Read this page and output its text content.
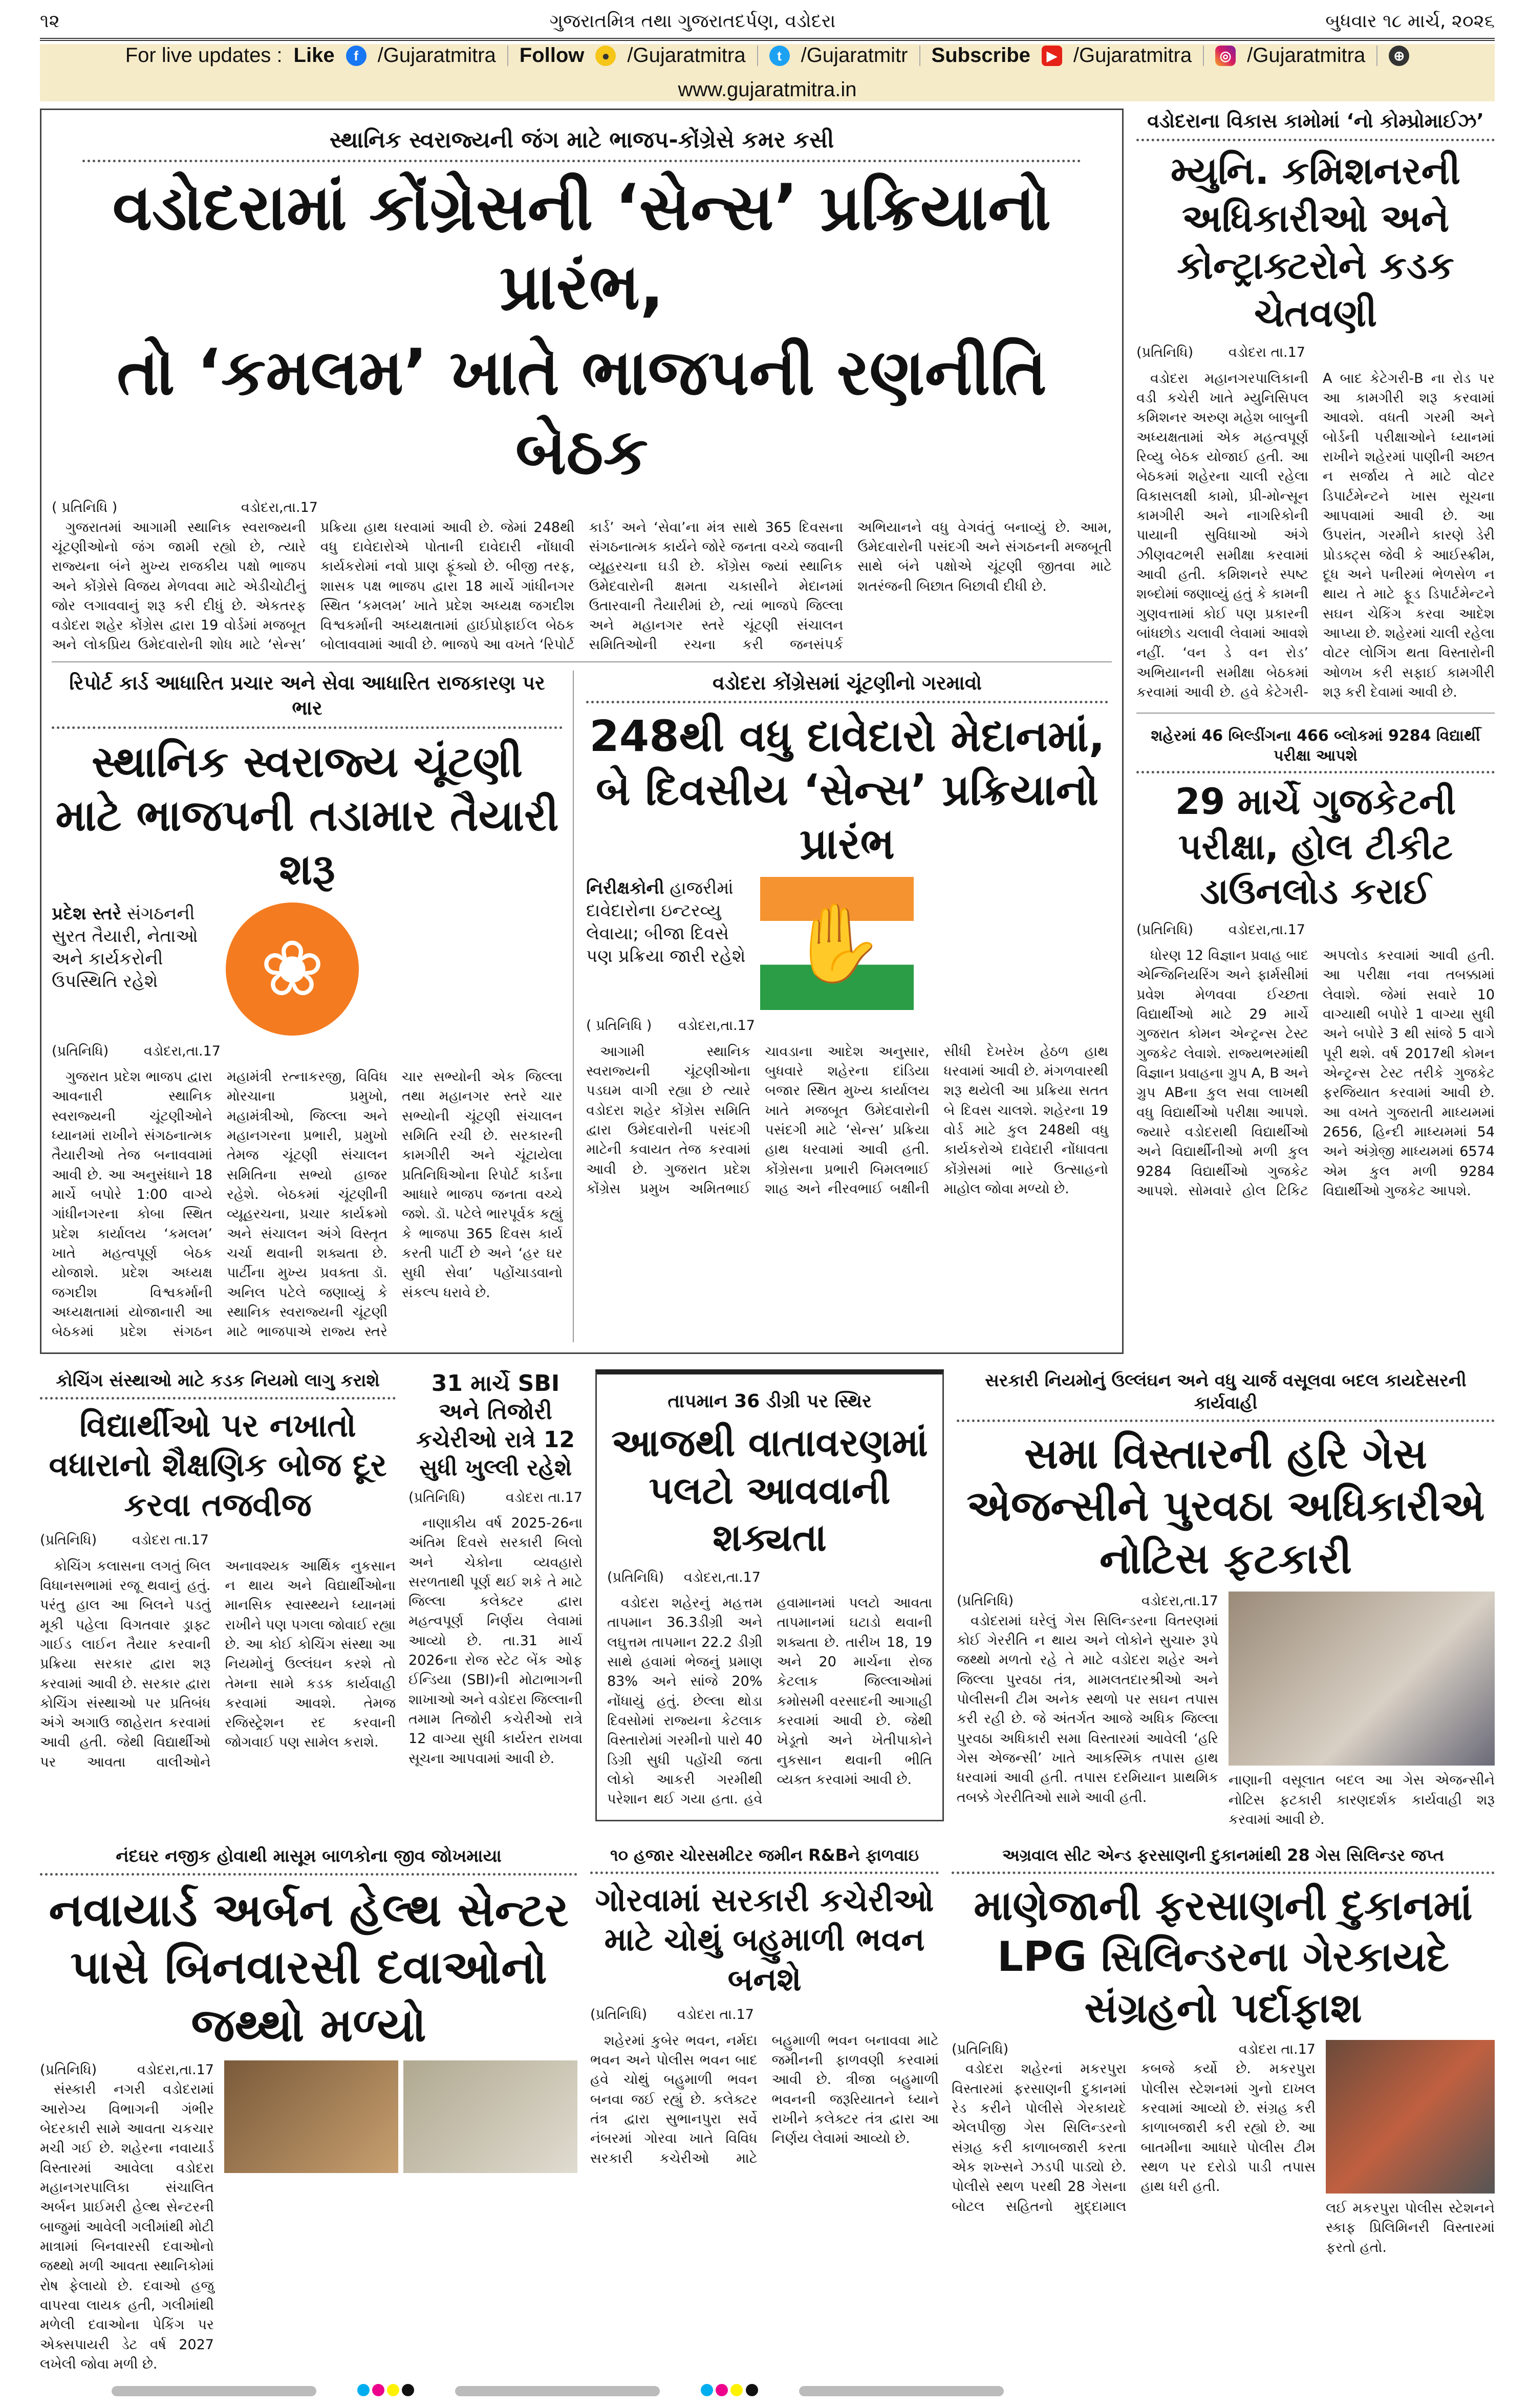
૧૨	ગુજરાતમિત્ર તથા ગુજરાતદર્પણ, વડોદરા	બુધવાર ૧૮ માર્ચ, ૨૦૨૬
For live updates : Like	f /Gujaratmitra Follow	● /Gujaratmitra	t /Gujaratmitr Subscribe	▶ /Gujaratmitra	◎ /Gujaratmitra	⊕
www.gujaratmitra.in
સ્થાનિક સ્વરાજ્યની જંગ માટે ભાજપ-કોંગ્રેસે કમર કસી
વડોદરામાં કોંગ્રેસની ‘સેન્સ’ પ્રક્રિયાનો પ્રારંભ,
તો ‘કમલમ’ ખાતે ભાજપની રણનીતિ બેઠક
( પ્રતિનિધિ )	વડોદરા,તા.17

ગુજરાતમાં આગામી સ્થાનિક સ્વરાજ્યની ચૂંટણીઓનો જંગ જામી રહ્યો છે, ત્યારે રાજ્યના બંને મુખ્ય રાજકીય પક્ષો ભાજપ અને કોંગ્રેસે વિજય મેળવવા માટે એડીચોટીનું જોર લગાવવાનું શરૂ કરી દીધું છે. એકતરફ વડોદરા શહેર કોંગ્રેસ દ્વારા 19 વોર્ડમાં મજબૂત અને લોકપ્રિય ઉમેદવારોની શોધ માટે ‘સેન્સ’ પ્રક્રિયા હાથ ધરવામાં આવી છે. જેમાં 248થી વધુ દાવેદારોએ પોતાની દાવેદારી નોંધાવી કાર્યકરોમાં નવો પ્રાણ ફૂંક્યો છે. બીજી તરફ, શાસક પક્ષ ભાજપ દ્વારા 18 માર્ચે ગાંધીનગર સ્થિત ‘કમલમ’ ખાતે પ્રદેશ અધ્યક્ષ જગદીશ વિશ્વકર્માની અધ્યક્ષતામાં હાઈપ્રોફાઈલ બેઠક બોલાવવામાં આવી છે. ભાજપે આ વખતે ‘રિપોર્ટ કાર્ડ’ અને ‘સેવા’ના મંત્ર સાથે 365 દિવસના સંગઠનાત્મક કાર્યને જોરે જનતા વચ્ચે જવાની વ્યૂહરચના ઘડી છે. કોંગ્રેસ જ્યાં સ્થાનિક ઉમેદવારોની ક્ષમતા ચકાસીને મેદાનમાં ઉતારવાની તૈયારીમાં છે, ત્યાં ભાજપે જિલ્લા અને મહાનગર સ્તરે ચૂંટણી સંચાલન સમિતિઓની રચના કરી જનસંપર્ક અભિયાનને વધુ વેગવંતું બનાવ્યું છે. આમ, ઉમેદવારોની પસંદગી અને સંગઠનની મજબૂતી સાથે બંને પક્ષોએ ચૂંટણી જીતવા માટે શતરંજની બિછાત બિછાવી દીધી છે.

રિપોર્ટ કાર્ડ આધારિત પ્રચાર અને સેવા આધારિત રાજકારણ પર ભાર
સ્થાનિક સ્વરાજ્ય ચૂંટણી માટે ભાજપની તડામાર તૈયારી શરૂ
પ્રદેશ સ્તરે સંગઠનની સુરત તૈયારી, નેતાઓ અને કાર્યકરોની ઉપસ્થિતિ રહેશે	❀
(પ્રતિનિધિ)	વડોદરા,તા.17

ગુજરાત પ્રદેશ ભાજપ દ્વારા આવનારી સ્થાનિક સ્વરાજ્યની ચૂંટણીઓને ધ્યાનમાં રાખીને સંગઠનાત્મક તૈયારીઓ તેજ બનાવવામાં આવી છે. આ અનુસંધાને 18 માર્ચે બપોરે 1:00 વાગ્યે ગાંધીનગરના કોબા સ્થિત પ્રદેશ કાર્યાલય ‘કમલમ’ ખાતે મહત્વપૂર્ણ બેઠક યોજાશે. પ્રદેશ અધ્યક્ષ જગદીશ વિશ્વકર્માની અધ્યક્ષતામાં યોજાનારી આ બેઠકમાં પ્રદેશ સંગઠન મહામંત્રી રત્નાકરજી, વિવિધ મોરચાના પ્રમુખો, મહામંત્રીઓ, જિલ્લા અને મહાનગરના પ્રભારી, પ્રમુખો તેમજ ચૂંટણી સંચાલન સમિતિના સભ્યો હાજર રહેશે. બેઠકમાં ચૂંટણીની વ્યૂહરચના, પ્રચાર કાર્યક્રમો અને સંચાલન અંગે વિસ્તૃત ચર્ચા થવાની શક્યતા છે. પાર્ટીના મુખ્ય પ્રવક્તા ડૉ. અનિલ પટેલે જણાવ્યું કે સ્થાનિક સ્વરાજ્યની ચૂંટણી માટે ભાજપાએ રાજ્ય સ્તરે ચાર સભ્યોની એક જિલ્લા તથા મહાનગર સ્તરે ચાર સભ્યોની ચૂંટણી સંચાલન સમિતિ રચી છે. સરકારની કામગીરી અને ચૂંટાયેલા પ્રતિનિધિઓના રિપોર્ટ કાર્ડના આધારે ભાજપ જનતા વચ્ચે જશે. ડૉ. પટેલે ભારપૂર્વક કહ્યું કે ભાજપા 365 દિવસ કાર્ય કરતી પાર્ટી છે અને ‘હર ઘર સુધી સેવા’ પહોંચાડવાનો સંકલ્પ ધરાવે છે.

વડોદરા કોંગ્રેસમાં ચૂંટણીનો ગરમાવો
248થી વધુ દાવેદારો મેદાનમાં, બે દિવસીય ‘સેન્સ’ પ્રક્રિયાનો પ્રારંભ
નિરીક્ષકોની હાજરીમાં દાવેદારોના ઇન્ટરવ્યુ લેવાયા; બીજા દિવસે પણ પ્રક્રિયા જારી રહેશે ✋
( પ્રતિનિધિ ) વડોદરા,તા.17

આગામી સ્થાનિક સ્વરાજ્યની ચૂંટણીઓના પડઘમ વાગી રહ્યા છે ત્યારે વડોદરા શહેર કોંગ્રેસ સમિતિ દ્વારા ઉમેદવારોની પસંદગી માટેની કવાયત તેજ કરવામાં આવી છે. ગુજરાત પ્રદેશ કોંગ્રેસ પ્રમુખ અમિતભાઈ ચાવડાના આદેશ અનુસાર, બુધવારે શહેરના દાંડિયા બજાર સ્થિત મુખ્ય કાર્યાલય ખાતે મજબૂત ઉમેદવારોની પસંદગી માટે ‘સેન્સ’ પ્રક્રિયા હાથ ધરવામાં આવી હતી. કોંગ્રેસના પ્રભારી બિમલભાઈ શાહ અને નીરવભાઈ બક્ષીની સીધી દેખરેખ હેઠળ હાથ ધરવામાં આવી છે. મંગળવારથી શરૂ થયેલી આ પ્રક્રિયા સતત બે દિવસ ચાલશે. શહેરના 19 વોર્ડ માટે કુલ 248થી વધુ કાર્યકરોએ દાવેદારી નોંધાવતા કોંગ્રેસમાં ભારે ઉત્સાહનો માહોલ જોવા મળ્યો છે.

વડોદરાના વિકાસ કામોમાં ‘નો કોમ્પ્રોમાઈઝ’
મ્યુનિ. કમિશનરની અધિકારીઓ અને કોન્ટ્રાક્ટરોને કડક ચેતવણી
(પ્રતિનિધિ)	વડોદરા તા.17

વડોદરા મહાનગરપાલિકાની વડી કચેરી ખાતે મ્યુનિસિપલ કમિશનર અરુણ મહેશ બાબુની અધ્યક્ષતામાં એક મહત્વપૂર્ણ રિવ્યુ બેઠક યોજાઈ હતી. આ બેઠકમાં શહેરના ચાલી રહેલા વિકાસલક્ષી કામો, પ્રી-મોન્સૂન કામગીરી અને નાગરિકોની પાયાની સુવિધાઓ અંગે ઝીણવટભરી સમીક્ષા કરવામાં આવી હતી. કમિશનરે સ્પષ્ટ શબ્દોમાં જણાવ્યું હતું કે કામની ગુણવત્તામાં કોઈ પણ પ્રકારની બાંધછોડ ચલાવી લેવામાં આવશે નહીં. ‘વન ડે વન રોડ’ અભિયાનની સમીક્ષા બેઠકમાં કરવામાં આવી છે. હવે કેટેગરી-A બાદ કેટેગરી-B ના રોડ પર આ કામગીરી શરૂ કરવામાં આવશે. વધતી ગરમી અને બોર્ડની પરીક્ષાઓને ધ્યાનમાં રાખીને શહેરમાં પાણીની અછત ન સર્જાય તે માટે વોટર ડિપાર્ટમેન્ટને ખાસ સૂચના આપવામાં આવી છે. આ ઉપરાંત, ગરમીને કારણે ડેરી પ્રોડક્ટ્સ જેવી કે આઈસ્ક્રીમ, દૂધ અને પનીરમાં ભેળસેળ ન થાય તે માટે ફૂડ ડિપાર્ટમેન્ટને સઘન ચેકિંગ કરવા આદેશ આપ્યા છે. શહેરમાં ચાલી રહેલા વોટર લોગિંગ થતા વિસ્તારોની ઓળખ કરી સફાઈ કામગીરી શરૂ કરી દેવામાં આવી છે.

શહેરમાં 46 બિલ્ડીંગના 466 બ્લોકમાં 9284 વિદ્યાર્થી પરીક્ષા આપશે
29 માર્ચે ગુજકેટની પરીક્ષા, હોલ ટીકીટ ડાઉનલોડ કરાઈ
(પ્રતિનિધિ)	વડોદરા,તા.17

ધોરણ 12 વિજ્ઞાન પ્રવાહ બાદ એન્જિનિયરિંગ અને ફાર્મસીમાં પ્રવેશ મેળવવા ઈચ્છતા વિદ્યાર્થીઓ માટે 29 માર્ચે ગુજરાત કોમન એન્ટ્રન્સ ટેસ્ટ ગુજકેટ લેવાશે. રાજ્યભરમાંથી વિજ્ઞાન પ્રવાહના ગ્રુપ A, B અને ગ્રુપ ABના કુલ સવા લાખથી વધુ વિદ્યાર્થીઓ પરીક્ષા આપશે. જ્યારે વડોદરાથી વિદ્યાર્થીઓ અને વિદ્યાર્થીનીઓ મળી કુલ 9284 વિદ્યાર્થીઓ ગુજકેટ આપશે. સોમવારે હોલ ટિકિટ અપલોડ કરવામાં આવી હતી. આ પરીક્ષા નવા તબક્કામાં લેવાશે. જેમાં સવારે 10 વાગ્યાથી બપોરે 1 વાગ્યા સુધી અને બપોરે 3 થી સાંજે 5 વાગે પૂરી થશે. વર્ષ 2017થી કોમન એન્ટ્રન્સ ટેસ્ટ તરીકે ગુજકેટ ફરજિયાત કરવામાં આવી છે. આ વખતે ગુજરાતી માધ્યમમાં 2656, હિન્દી માધ્યમમાં 54 અને અંગ્રેજી માધ્યમમાં 6574 એમ કુલ મળી 9284 વિદ્યાર્થીઓ ગુજકેટ આપશે.

કોચિંગ સંસ્થાઓ માટે કડક નિયમો લાગુ કરાશે
વિદ્યાર્થીઓ પર નખાતો વધારાનો શૈક્ષણિક બોજ દૂર કરવા તજવીજ
(પ્રતિનિધિ)	વડોદરા તા.17

કોચિંગ કલાસના લગતું બિલ વિધાનસભામાં રજૂ થવાનું હતું. પરંતુ હાલ આ બિલને પડતું મૂકી પહેલા વિગતવાર ડ્રાફ્ટ ગાઈડ લાઈન તૈયાર કરવાની પ્રક્રિયા સરકાર દ્વારા શરૂ કરવામાં આવી છે. સરકાર દ્વારા કોચિંગ સંસ્થાઓ પર પ્રતિબંધ અંગે અગાઉ જાહેરાત કરવામાં આવી હતી. જેથી વિદ્યાર્થીઓ પર આવતા વાલીઓને અનાવશ્યક આર્થિક નુકસાન ન થાય અને વિદ્યાર્થીઓના માનસિક સ્વાસ્થ્યને ધ્યાનમાં રાખીને પણ પગલા જોવાઈ રહ્યા છે. આ કોઈ કોચિંગ સંસ્થા આ નિયમોનું ઉલ્લંઘન કરશે તો તેમના સામે કડક કાર્યવાહી કરવામાં આવશે. તેમજ રજિસ્ટ્રેશન રદ કરવાની જોગવાઈ પણ સામેલ કરાશે.

31 માર્ચે SBI અને તિજોરી કચેરીઓ રાત્રે 12 સુધી ખુલ્લી રહેશે
(પ્રતિનિધિ)	વડોદરા તા.17

નાણાકીય વર્ષ 2025-26ના અંતિમ દિવસે સરકારી બિલો અને ચેકોના વ્યવહારો સરળતાથી પૂર્ણ થઈ શકે તે માટે જિલ્લા કલેક્ટર દ્વારા મહત્વપૂર્ણ નિર્ણય લેવામાં આવ્યો છે. તા.31 માર્ચ 2026ના રોજ સ્ટેટ બેંક ઓફ ઈન્ડિયા (SBI)ની મોટાભાગની શાખાઓ અને વડોદરા જિલ્લાની તમામ તિજોરી કચેરીઓ રાત્રે 12 વાગ્યા સુધી કાર્યરત રાખવા સૂચના આપવામાં આવી છે.

તાપમાન 36 ડીગ્રી પર સ્થિર
આજથી વાતાવરણમાં પલટો આવવાની શક્યતા
(પ્રતિનિધિ) વડોદરા,તા.17

વડોદરા શહેરનું મહત્તમ તાપમાન 36.3ડીગ્રી અને લઘુત્તમ તાપમાન 22.2 ડીગ્રી સાથે હવામાં ભેજનું પ્રમાણ 83% અને સાંજે 20% નોંધાયું હતું. છેલ્લા થોડા દિવસોમાં રાજ્યના કેટલાક વિસ્તારોમાં ગરમીનો પારો 40 ડિગ્રી સુધી પહોંચી જતા લોકો આકરી ગરમીથી પરેશાન થઈ ગયા હતા. હવે હવામાનમાં પલટો આવતા તાપમાનમાં ઘટાડો થવાની શક્યતા છે. તારીખ 18, 19 અને 20 માર્ચના રોજ કેટલાક જિલ્લાઓમાં કમોસમી વરસાદની આગાહી કરવામાં આવી છે. જેથી ખેડૂતો અને ખેતીપાકોને નુકસાન થવાની ભીતિ વ્યક્ત કરવામાં આવી છે.

સરકારી નિયમોનું ઉલ્લંઘન અને વધુ ચાર્જ વસૂલવા બદલ કાયદેસરની કાર્યવાહી
સમા વિસ્તારની હરિ ગેસ એજન્સીને પુરવઠા અધિકારીએ નોટિસ ફટકારી
(પ્રતિનિધિ)	વડોદરા,તા.17

વડોદરામાં ઘરેલું ગેસ સિલિન્ડરના વિતરણમાં કોઈ ગેરરીતિ ન થાય અને લોકોને સુચારુ રૂપે જથ્થો મળતો રહે તે માટે વડોદરા શહેર અને જિલ્લા પુરવઠા તંત્ર, મામલતદારશ્રીઓ અને પોલીસની ટીમ અનેક સ્થળો પર સઘન તપાસ કરી રહી છે. જે અંતર્ગત આજે અધિક જિલ્લા પુરવઠા અધિકારી સમા વિસ્તારમાં આવેલી ‘હરિ ગેસ એજન્સી’ ખાતે આકસ્મિક તપાસ હાથ ધરવામાં આવી હતી. તપાસ દરમિયાન પ્રાથમિક તબક્કે ગેરરીતિઓ સામે આવી હતી.

નાણાની વસૂલાત બદલ આ ગેસ એજન્સીને નોટિસ ફટકારી કારણદર્શક કાર્યવાહી શરૂ કરવામાં આવી છે.
નંદઘર નજીક હોવાથી માસૂમ બાળકોના જીવ જોખમાયા
નવાયાર્ડ અર્બન હેલ્થ સેન્ટર પાસે બિનવારસી દવાઓનો જથ્થો મળ્યો
(પ્રતિનિધિ)	વડોદરા,તા.17

સંસ્કારી નગરી વડોદરામાં આરોગ્ય વિભાગની ગંભીર બેદરકારી સામે આવતા ચકચાર મચી ગઈ છે. શહેરના નવાયાર્ડ વિસ્તારમાં આવેલા વડોદરા મહાનગરપાલિકા સંચાલિત અર્બન પ્રાઈમરી હેલ્થ સેન્ટરની બાજુમાં આવેલી ગલીમાંથી મોટી માત્રામાં બિનવારસી દવાઓનો જથ્થો મળી આવતા સ્થાનિકોમાં રોષ ફેલાયો છે. દવાઓ હજુ વાપરવા લાયક હતી, ગલીમાંથી મળેલી દવાઓના પેકિંગ પર એક્સપાયરી ડેટ વર્ષ 2027 લખેલી જોવા મળી છે.

૧૦ હજાર ચોરસમીટર જમીન R&Bને ફાળવાઇ
ગોરવામાં સરકારી કચેરીઓ માટે ચોથું બહુમાળી ભવન બનશે
(પ્રતિનિધિ) વડોદરા તા.17

શહેરમાં કુબેર ભવન, નર્મદા ભવન અને પોલીસ ભવન બાદ હવે ચોથું બહુમાળી ભવન બનવા જઈ રહ્યું છે. કલેક્ટર તંત્ર દ્વારા સુભાનપુરા સર્વે નંબરમાં ગોરવા ખાતે વિવિધ સરકારી કચેરીઓ માટે બહુમાળી ભવન બનાવવા માટે જમીનની ફાળવણી કરવામાં આવી છે. ત્રીજા બહુમાળી ભવનની જરૂરિયાતને ધ્યાને રાખીને કલેક્ટર તંત્ર દ્વારા આ નિર્ણય લેવામાં આવ્યો છે.

અગ્રવાલ સીટ એન્ડ ફરસાણની દુકાનમાંથી 28 ગેસ સિલિન્ડર જપ્ત
માણેજાની ફરસાણની દુકાનમાં LPG સિલિન્ડરના ગેરકાયદે સંગ્રહનો પર્દાફાશ
(પ્રતિનિધિ)	વડોદરા તા.17

વડોદરા શહેરનાં મકરપુરા વિસ્તારમાં ફરસાણની દુકાનમાં રેડ કરીને પોલીસે ગેરકાયદે એલપીજી ગેસ સિલિન્ડરનો સંગ્રહ કરી કાળાબજારી કરતા એક શખ્સને ઝડપી પાડ્યો છે. પોલીસે સ્થળ પરથી 28 ગેસના બોટલ સહિતનો મુદ્દામાલ કબજે કર્યો છે. મકરપુરા પોલીસ સ્ટેશનમાં ગુનો દાખલ કરવામાં આવ્યો છે. સંગ્રહ કરી કાળાબજારી કરી રહ્યો છે. આ બાતમીના આધારે પોલીસ ટીમ સ્થળ પર દરોડો પાડી તપાસ હાથ ધરી હતી.

લઈ મકરપુરા પોલીસ સ્ટેશનને સ્કાફ પ્રિલિમિનરી વિસ્તારમાં ફરતો હતો.
